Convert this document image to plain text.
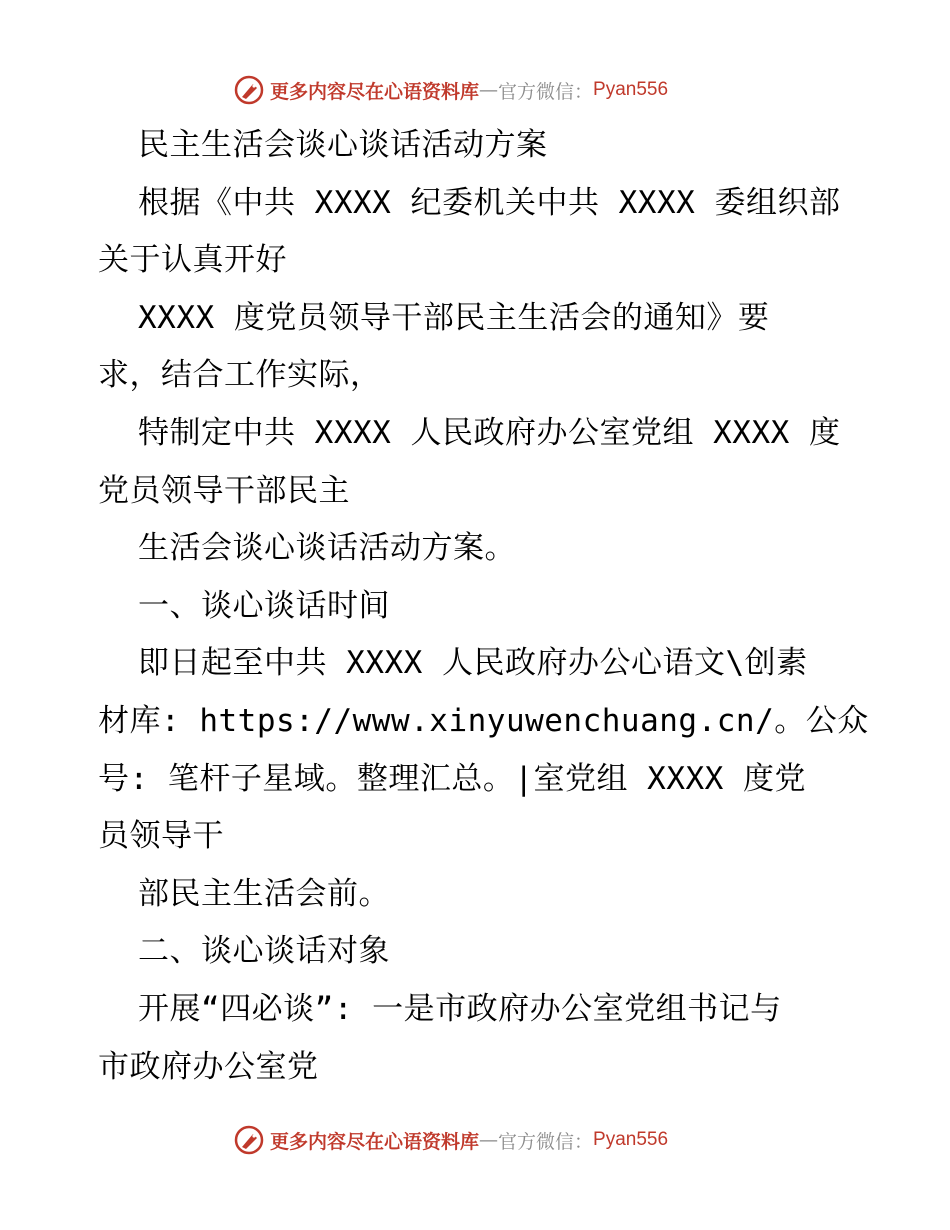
更多内容尽在心语资料库 — 官方微信： Pyan556
民主生活会谈心谈话活动方案
根据《中共 XXXX 纪委机关中共 XXXX 委组织部
关于认真开好
XXXX 度党员领导干部民主生活会的通知》要
求，结合工作实际，
特制定中共 XXXX 人民政府办公室党组 XXXX 度
党员领导干部民主
生活会谈心谈话活动方案。
一、谈心谈话时间
即日起至中共 XXXX 人民政府办公心语文\创素
材库: https://www.xinyuwenchuang.cn/。公众
号: 笔杆子星域。整理汇总。|室党组 XXXX 度党
员领导干
部民主生活会前。
二、谈心谈话对象
开展“四必谈”: 一是市政府办公室党组书记与
市政府办公室党
更多内容尽在心语资料库 — 官方微信： Pyan556
